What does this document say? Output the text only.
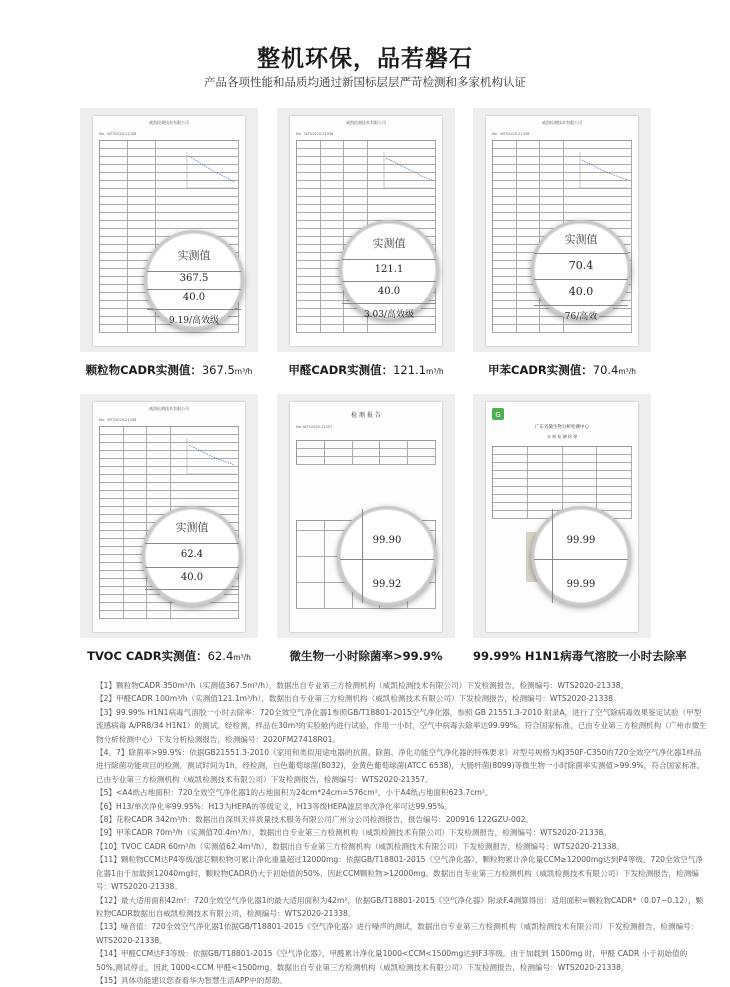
整机环保，品若磐石
产品各项性能和品质均通过新国标层层严苛检测和多家机构认证
威凯检测技术有限公司
No：WTS2020-21338
实测值
367.5
40.0
9.19/高效级
颗粒物CADR实测值：367.5m³/h
威凯检测技术有限公司
No：WTS2020-21338
实测值
121.1
40.0
3.03/高效级
甲醛CADR实测值：121.1m³/h
威凯检测技术有限公司
No：WTS2020-21338
实测值
70.4
40.0
76/高效
甲苯CADR实测值：70.4m³/h
威凯检测技术有限公司
No：WTS2020-21338
实测值
62.4
40.0
TVOC CADR实测值：62.4m³/h
检 测 报 告
No: WTS2020-21357
99.90
99.92
微生物一小时除菌率>99.9%
G
广东省微生物分析检测中心
分 析 检 测 结 果
99.99
99.99
99.99% H1N1病毒气溶胶一小时去除率

【1】颗粒物CADR 350m³/h（实测值367.5m³/h），数据出自专业第三方检测机构（威凯检测技术有限公司）下发检测报告，检测编号：WTS2020-21338。

【2】甲醛CADR 100m³/h（实测值121.1m³/h），数据出自专业第三方检测机构（威凯检测技术有限公司）下发检测报告，检测编号：WTS2020-21338。

【3】99.99% H1N1病毒气溶胶一小时去除率：720全效空气净化器1参照GB/T18801-2015空气净化器，参照 GB 21551.3-2010 附录A，进行了空气除病毒效果鉴定试验（甲型流感病毒 A/PR8/34 H1N1）的测试。经检测，样品在30m³的实验舱内进行试验，作用一小时，空气中病毒去除率达99.99%。符合国家标准，已由专业第三方检测机构（广州市微生物分析检测中心）下发分析检测报告，检测编号：2020FM27418R01。

【4、7】除菌率>99.9%：依据GB21551.3-2010《家用和类似用途电器的抗菌、除菌、净化功能空气净化器的特殊要求》对型号规格为KJ350F-C350的720全效空气净化器1样品进行除菌功能项目的检测，测试时间为1h。经检测，白色葡萄球菌(8032)，金黄色葡萄球菌(ATCC 6538)，大肠杆菌(8099)等微生物一小时除菌率实测值>99.9%，符合国家标准，已由专业第三方检测机构（威凯检测技术有限公司）下发检测报告，检测编号：WTS2020-21357。

【5】<A4纸占地面积：720全效空气净化器1的占地面积为24cm*24cm=576cm²，小于A4纸占地面积623.7cm²。

【6】H13/单次净化率99.95%：H13为HEPA的等级定义，H13等级HEPA滤层单次净化率可达99.95%。

【8】花粉CADR 342m³/h：数据出自深圳天祥质量技术服务有限公司广州分公司检测报告，报告编号：200916 122GZU-002。

【9】甲苯CADR 70m³/h（实测值70.4m³/h），数据出自专业第三方检测机构（威凯检测技术有限公司）下发检测报告，检测编号：WTS2020-21338。

【10】TVOC CADR 60m³/h（实测值62.4m³/h），数据出自专业第三方检测机构（威凯检测技术有限公司）下发检测报告，检测编号：WTS2020-21338。

【11】颗粒物CCM达P4等级/滤芯颗粒物可累计净化重量超过12000mg：依据GB/T18801-2015《空气净化器》，颗粒物累计净化量CCM≥12000mg达到P4等级。720全效空气净化器1由于加载到12040mg时，颗粒物CADR仍大于初始值的50%，因此CCM颗粒物>12000mg。数据出自专业第三方检测机构（威凯检测技术有限公司）下发检测报告，检测编号：WTS2020-21338。

【12】最大适用面积42m²：720全效空气净化器1的最大适用面积为42m²，依据GB/T18801-2015《空气净化器》附录F.4测算得出：适用面积=颗粒物CADR*（0.07~0.12），颗粒物CADR数据出自威凯检测技术有限公司，检测编号：WTS2020-21338。

【13】噪音值：720全效空气净化器1依据GB/T18801-2015《空气净化器》进行噪声的测试，数据出自专业第三方检测机构（威凯检测技术有限公司）下发检测报告，检测编号：WTS2020-21338。

【14】甲醛CCM达F3等级：依据GB/T18801-2015《空气净化器》，甲醛累计净化量1000<CCM<1500mg达到F3等级。由于加载到 1500mg 时，甲醛 CADR 小于初始值的 50%,测试停止，因此 1000<CCM 甲醛<1500mg。数据出自专业第三方检测机构（威凯检测技术有限公司）下发检测报告，检测编号：WTS2020-21338。

【15】具体功能建议您查看华为智慧生活APP中的帮助。
